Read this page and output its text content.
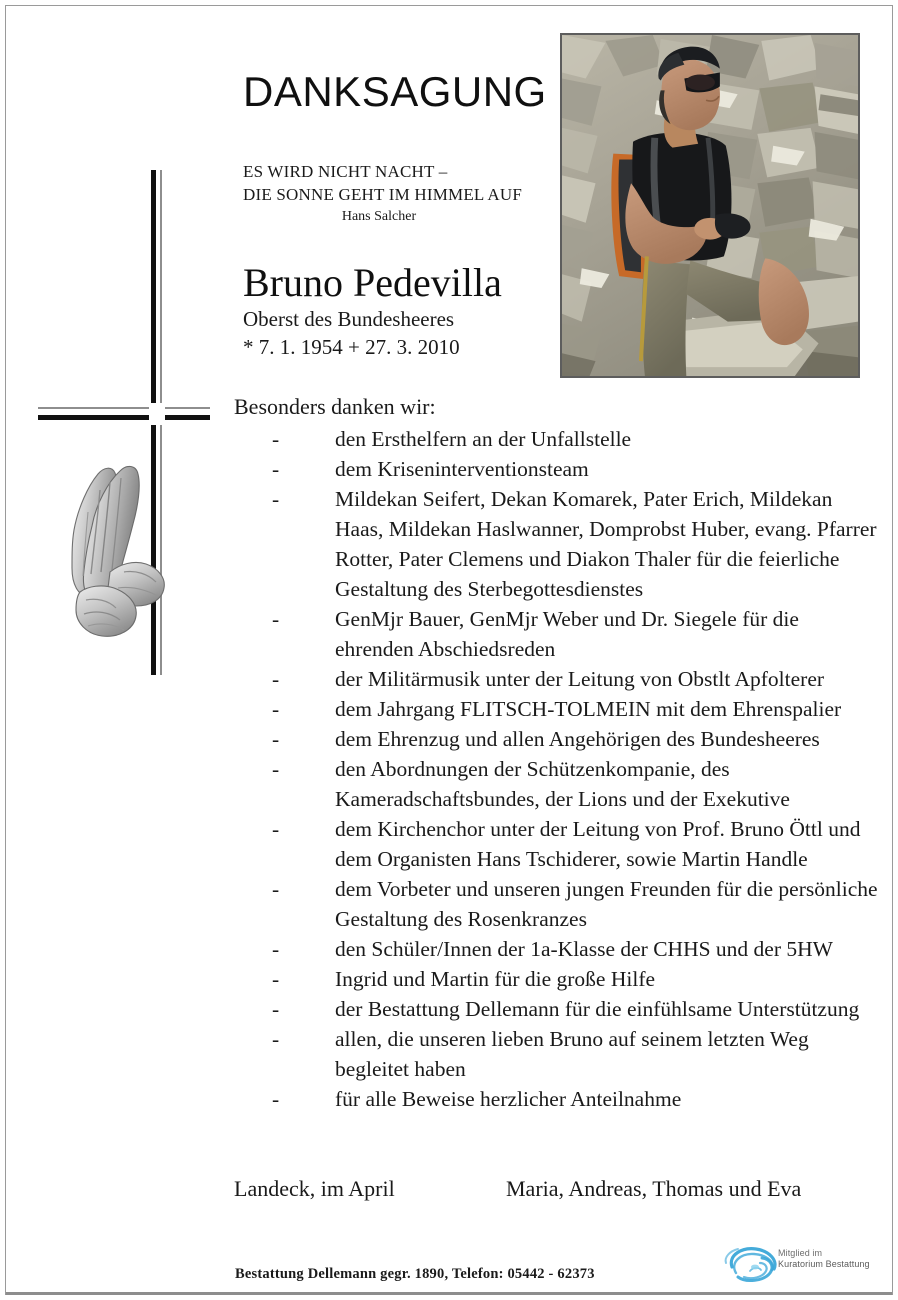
DANKSAGUNG
ES WIRD NICHT NACHT –
DIE SONNE GEHT IM HIMMEL AUF
Hans Salcher
Bruno Pedevilla
Oberst des Bundesheeres
* 7. 1. 1954 + 27. 3. 2010
Besonders danken wir:
-	den Ersthelfern an der Unfallstelle
-	dem Kriseninterventionsteam
-	Mildekan Seifert, Dekan Komarek, Pater Erich, Mildekan Haas, Mildekan Haslwanner, Domprobst Huber, evang. Pfarrer Rotter, Pater Clemens und Diakon Thaler für die feierliche Gestaltung des Sterbegottesdienstes
-	GenMjr Bauer, GenMjr Weber und Dr. Siegele für die ehrenden Abschiedsreden
-	der Militärmusik unter der Leitung von Obstlt Apfolterer
-	dem Jahrgang FLITSCH-TOLMEIN mit dem Ehrenspalier
-	dem Ehrenzug und allen Angehörigen des Bundesheeres
-	den Abordnungen der Schützenkompanie, des Kameradschaftsbundes, der Lions und der Exekutive
-	dem Kirchenchor unter der Leitung von Prof. Bruno Öttl und dem Organisten Hans Tschiderer, sowie Martin Handle
-	dem Vorbeter und unseren jungen Freunden für die persönliche Gestaltung des Rosenkranzes
-	den Schüler/Innen der 1a-Klasse der CHHS und der 5HW
-	Ingrid und Martin für die große Hilfe
-	der Bestattung Dellemann für die einfühlsame Unterstützung
-	allen, die unseren lieben Bruno auf seinem letzten Weg begleitet haben
-	für alle Beweise herzlicher Anteilnahme
Landeck, im April	Maria, Andreas, Thomas und Eva
Bestattung Dellemann gegr. 1890, Telefon: 05442 - 62373
Mitglied im
Kuratorium Bestattung
